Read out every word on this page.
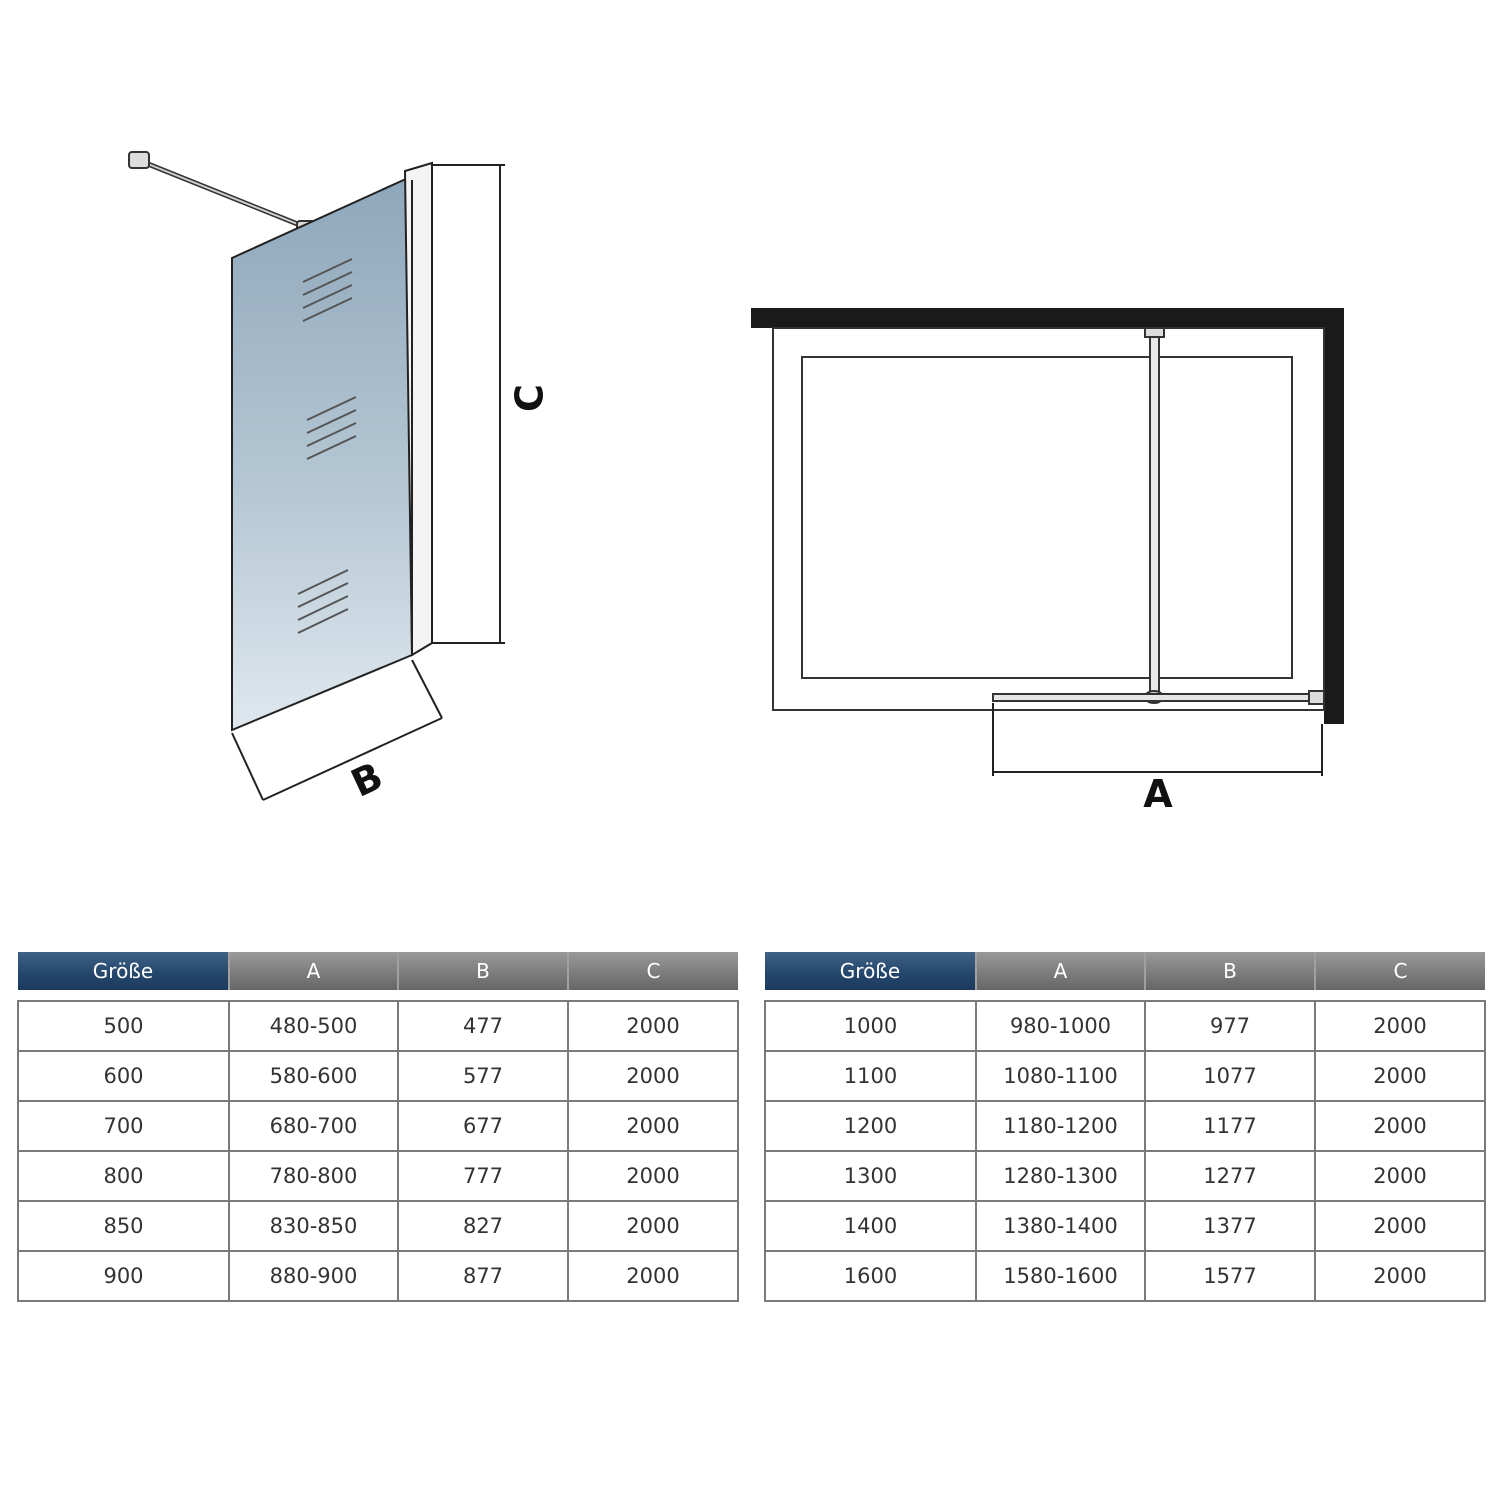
C
B	A
Größe	A	B	C

500	480-500	477	2000
600	580-600	577	2000
700	680-700	677	2000
800	780-800	777	2000
850	830-850	827	2000
900	880-900	877	2000
Größe	A	B	C

1000	980-1000	977	2000
1100	1080-1100	1077	2000
1200	1180-1200	1177	2000
1300	1280-1300	1277	2000
1400	1380-1400	1377	2000
1600	1580-1600	1577	2000
